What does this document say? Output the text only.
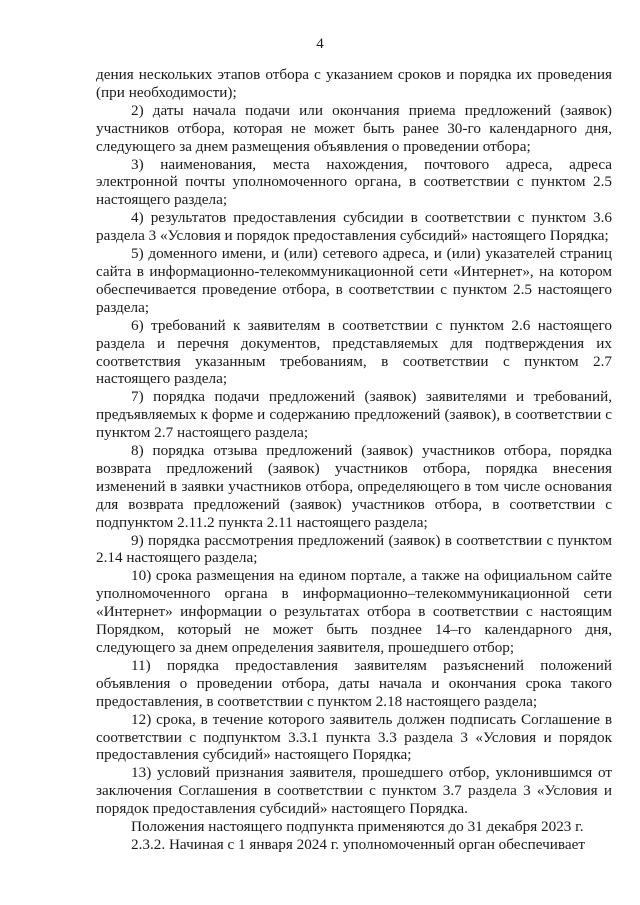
4

дения нескольких этапов отбора с указанием сроков и порядка их проведения (при необходимости);

2) даты начала подачи или окончания приема предложений (заявок) участников отбора, которая не может быть ранее 30-го календарного дня, следующего за днем размещения объявления о проведении отбора;

3) наименования, места нахождения, почтового адреса, адреса электронной почты уполномоченного органа, в соответствии с пунктом 2.5 настоящего раздела;

4) результатов предоставления субсидии в соответствии с пунктом 3.6 раздела 3 «Условия и порядок предоставления субсидий» настоящего Порядка;

5) доменного имени, и (или) сетевого адреса, и (или) указателей страниц сайта в информационно-телекоммуникационной сети «Интернет», на котором обеспечивается проведение отбора, в соответствии с пунктом 2.5 настоящего раздела;

6) требований к заявителям в соответствии с пунктом 2.6 настоящего раздела и перечня документов, представляемых для подтверждения их соответствия указанным требованиям, в соответствии с пунктом 2.7 настоящего раздела;

7) порядка подачи предложений (заявок) заявителями и требований, предъявляемых к форме и содержанию предложений (заявок), в соответствии с пунктом 2.7 настоящего раздела;

8) порядка отзыва предложений (заявок) участников отбора, порядка возврата предложений (заявок) участников отбора, порядка внесения изменений в заявки участников отбора, определяющего в том числе основания для возврата предложений (заявок) участников отбора, в соответствии с подпунктом 2.11.2 пункта 2.11 настоящего раздела;

9) порядка рассмотрения предложений (заявок) в соответствии с пунктом 2.14 настоящего раздела;

10) срока размещения на едином портале, а также на официальном сайте уполномоченного органа в информационно–телекоммуникационной сети «Интернет» информации о результатах отбора в соответствии с настоящим Порядком, который не может быть позднее 14–го календарного дня, следующего за днем определения заявителя, прошедшего отбор;

11) порядка предоставления заявителям разъяснений положений объявления о проведении отбора, даты начала и окончания срока такого предоставления, в соответствии с пунктом 2.18 настоящего раздела;

12) срока, в течение которого заявитель должен подписать Соглашение в соответствии с подпунктом 3.3.1 пункта 3.3 раздела 3 «Условия и порядок предоставления субсидий» настоящего Порядка;

13) условий признания заявителя, прошедшего отбор, уклонившимся от заключения Соглашения в соответствии с пунктом 3.7 раздела 3 «Условия и порядок предоставления субсидий» настоящего Порядка.

Положения настоящего подпункта применяются до 31 декабря 2023 г.

2.3.2. Начиная с 1 января 2024 г. уполномоченный орган обеспечивает
